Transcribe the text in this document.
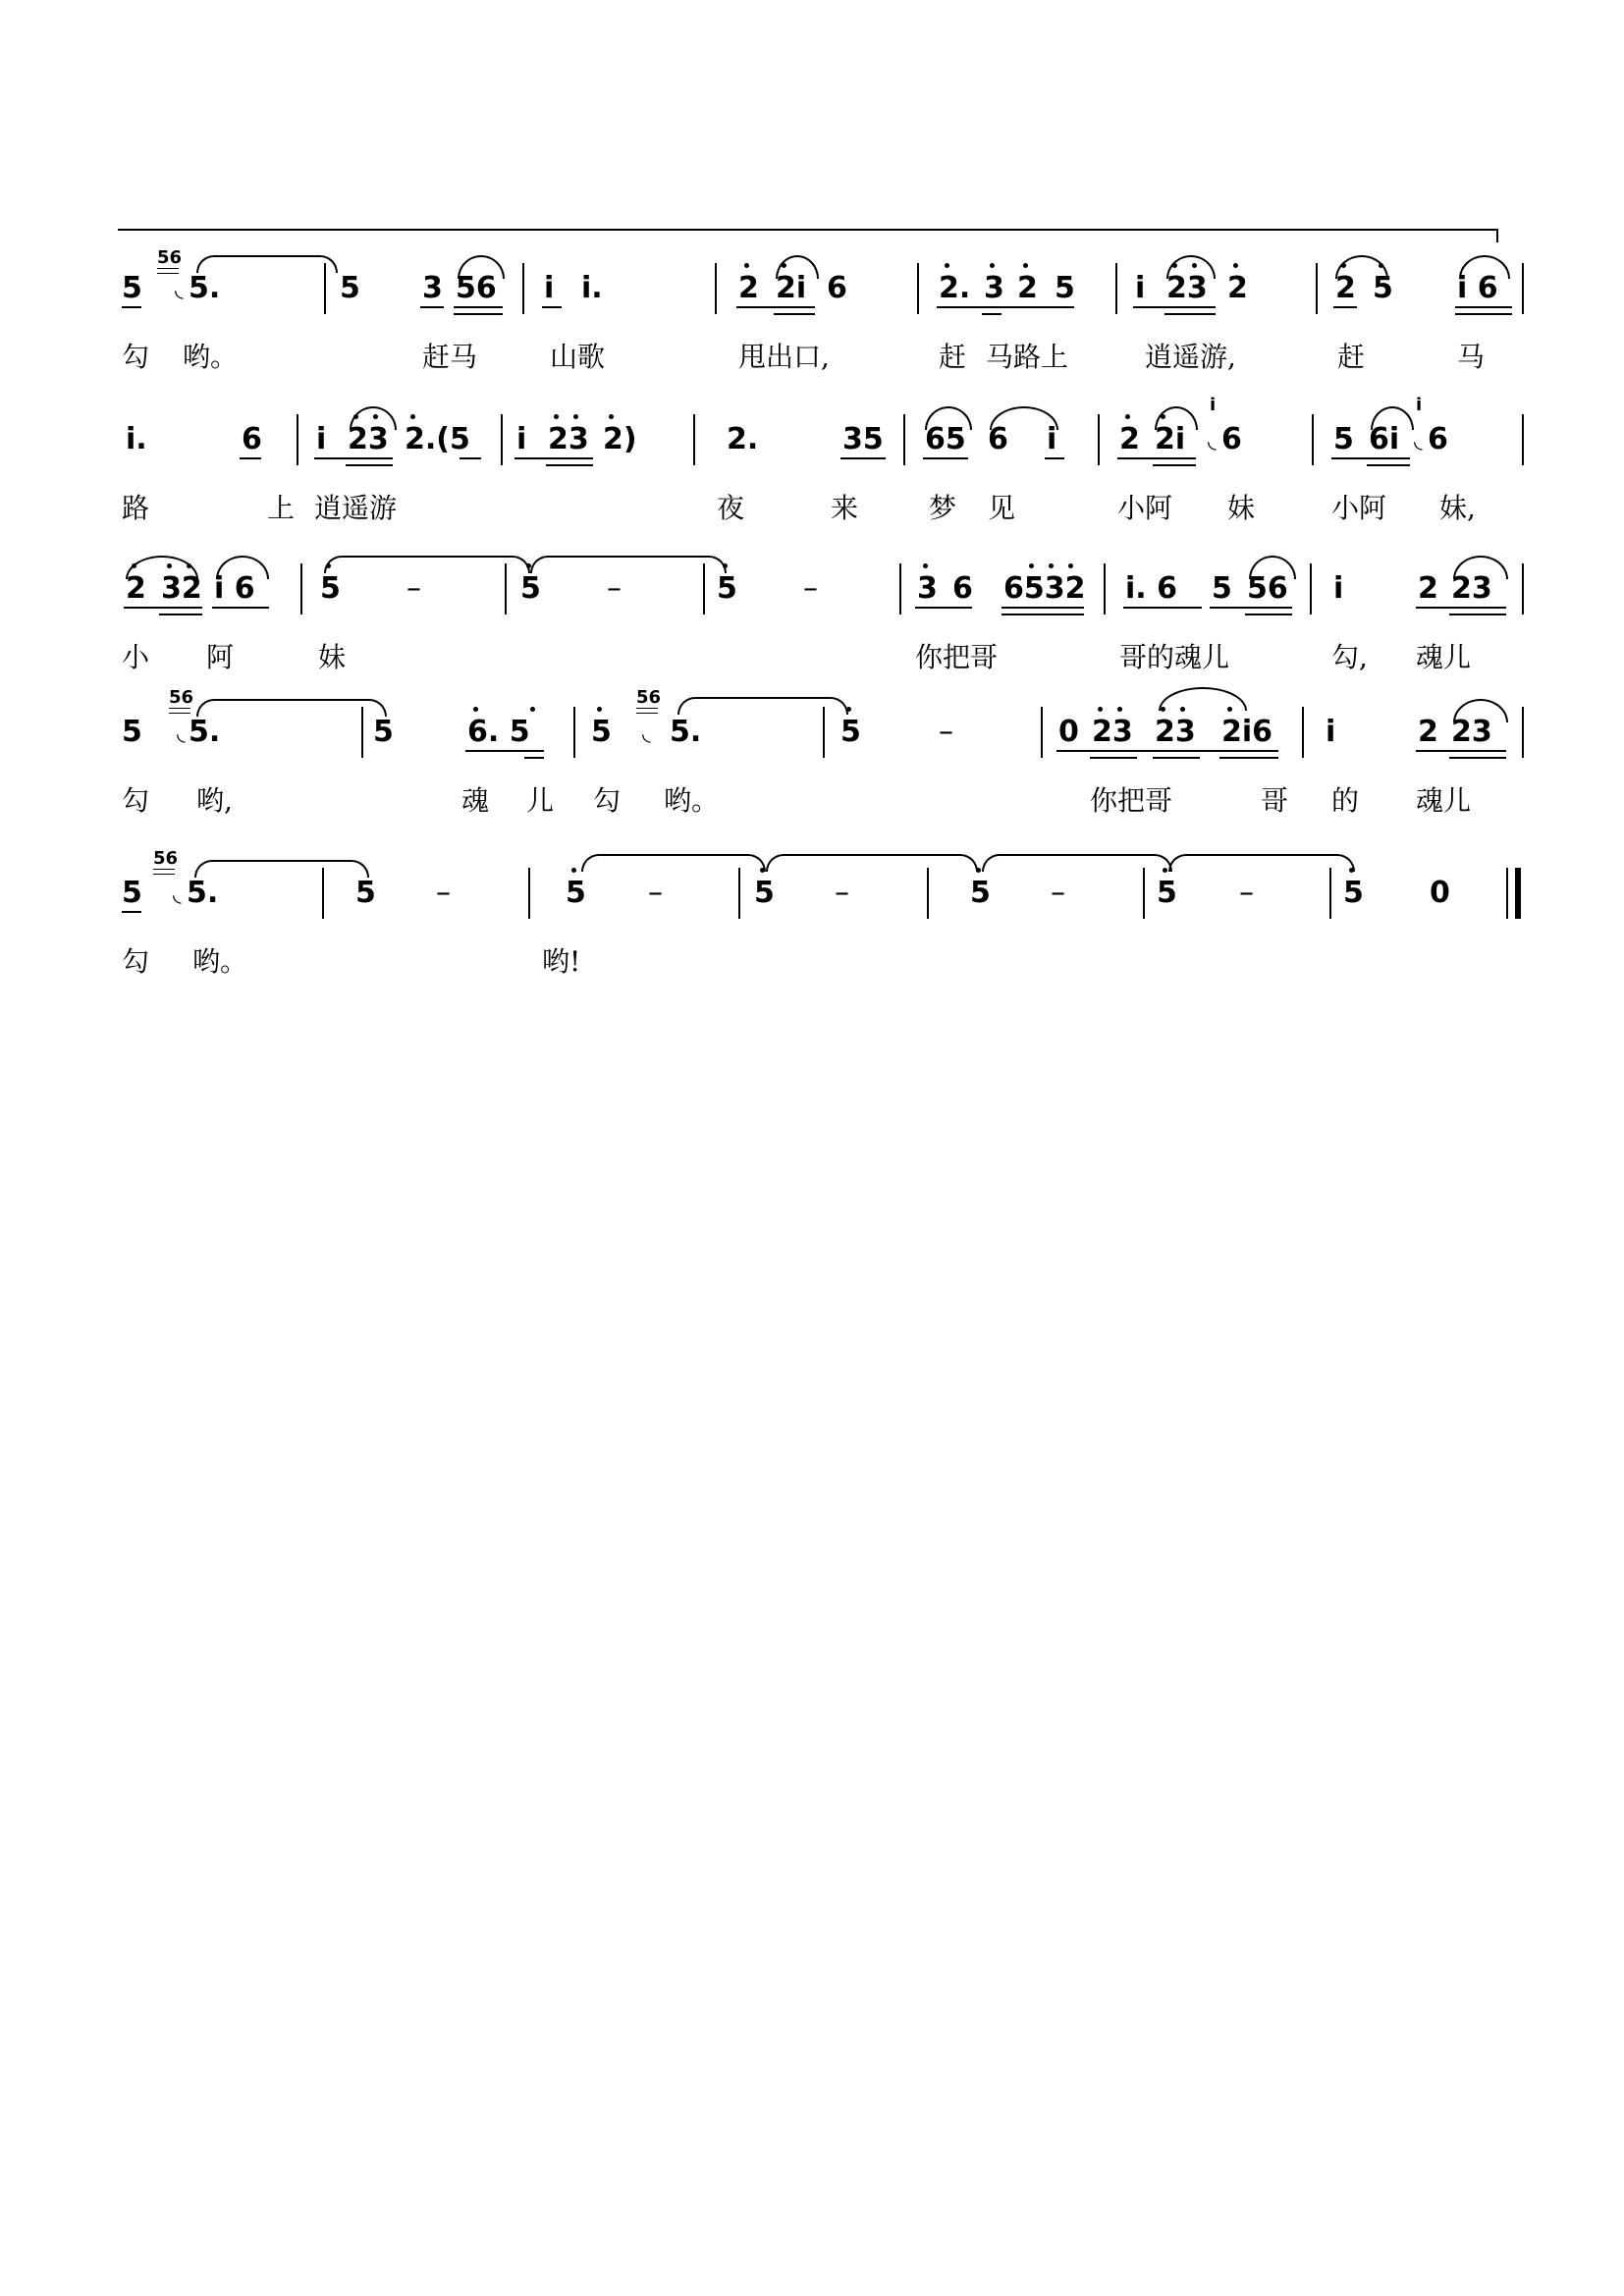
5
56
◟ 5.	5 3 56 i i.	2 2i 6	2. 3 2 5 i 23 2	2 5 i 6
勾 哟。	赶马	山歌	甩出口,	赶 马路上	逍遥游,	赶	马
i.	6 i 23 2.(5 i 23 2)	2.	35 65 6 i 2 2i
i
◟ 6	5 6i
i
◟ 6
路	上 逍遥游	夜	来	梦 见	小阿 妹	小阿 妹,
2 32 i 6 5 –	5 –	5 –	3 6 6532 i. 6 5 56 i	2 23
小 阿	妹	你把哥	哥的魂儿	勾, 魂儿
5
56
◟ 5.	5	6. 5 5
56
◟ 5.	5	–	0 23 23 2i6 i	2 23
勾 哟,	魂 儿 勾 哟。	你把哥	哥 的 魂儿
5
56
◟ 5.	5 –	5 –	5 –	5 –	5 –	5 0
勾 哟。	哟!
